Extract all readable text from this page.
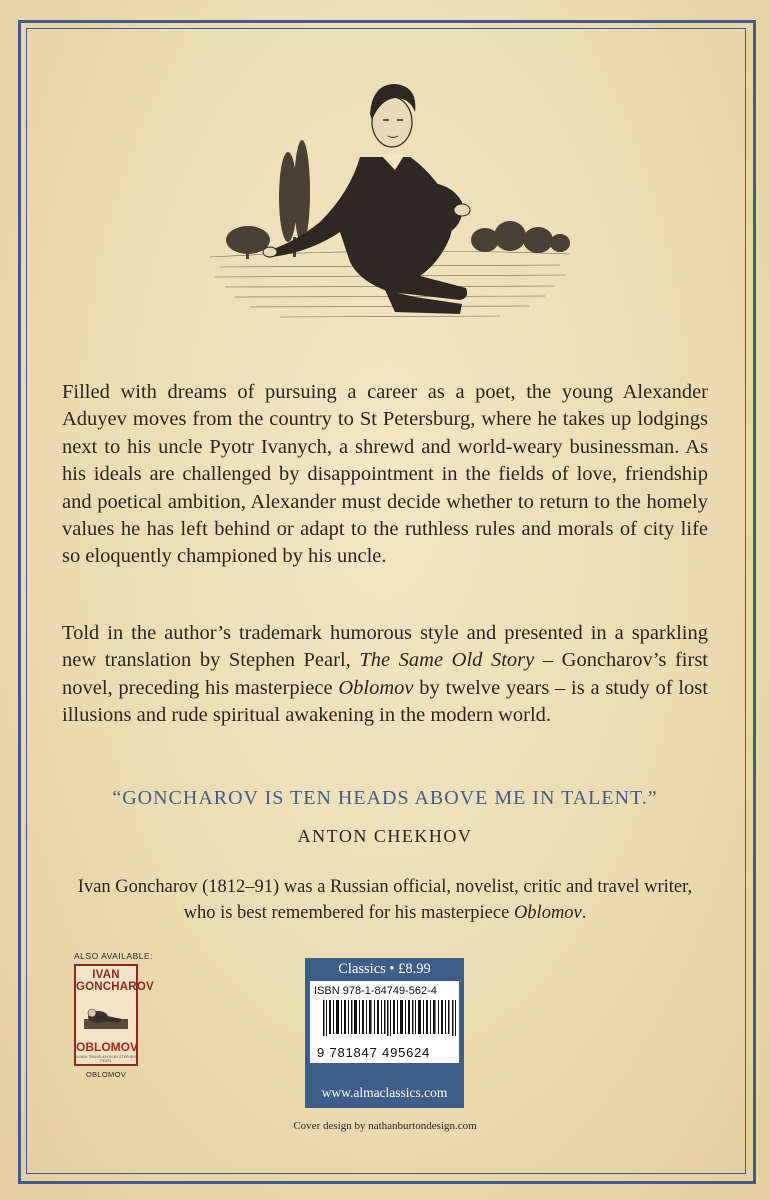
Filled with dreams of pursuing a career as a poet, the young Alexander Aduyev moves from the country to St Petersburg, where he takes up lodgings next to his uncle Pyotr Ivanych, a shrewd and world-weary businessman. As his ideals are challenged by disappointment in the fields of love, friendship and poetical ambition, Alexander must decide whether to return to the homely values he has left behind or adapt to the ruthless rules and morals of city life so eloquently championed by his uncle.

Told in the author’s trademark humorous style and presented in a sparkling new translation by Stephen Pearl, The Same Old Story – Goncharov’s first novel, preceding his masterpiece Oblomov by twelve years – is a study of lost illusions and rude spiritual awakening in the modern world.

“GONCHAROV IS TEN HEADS ABOVE ME IN TALENT.”
ANTON CHEKHOV
Ivan Goncharov (1812–91) was a Russian official, novelist, critic and travel writer, who is best remembered for his masterpiece Oblomov.
ALSO AVAILABLE:
IVAN
GONCHAROV
OBLOMOV
A NEW TRANSLATION BY STEPHEN PEARL
OBLOMOV
Classics • £8.99
ISBN 978-1-84749-562-4
9 781847 495624
www.almaclassics.com
Cover design by nathanburtondesign.com
